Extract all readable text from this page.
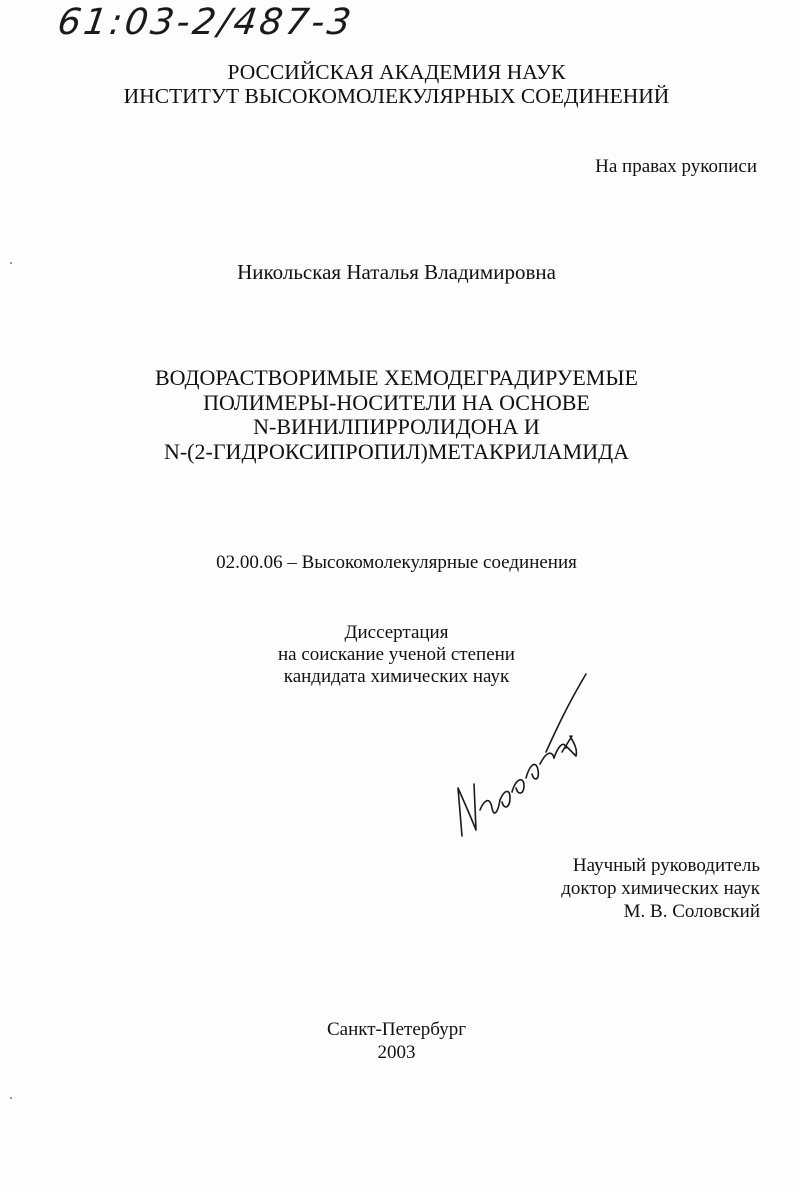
61:03-2/487-3
РОССИЙСКАЯ АКАДЕМИЯ НАУК
ИНСТИТУТ ВЫСОКОМОЛЕКУЛЯРНЫХ СОЕДИНЕНИЙ
На правах рукописи
Никольская Наталья Владимировна
ВОДОРАСТВОРИМЫЕ ХЕМОДЕГРАДИРУЕМЫЕ
ПОЛИМЕРЫ-НОСИТЕЛИ НА ОСНОВЕ
N-ВИНИЛПИРРОЛИДОНА И
N-(2-ГИДРОКСИПРОПИЛ)МЕТАКРИЛАМИДА
02.00.06 – Высокомолекулярные соединения
Диссертация
на соискание ученой степени
кандидата химических наук
Научный руководитель
доктор химических наук
М. В. Соловский
Санкт-Петербург
2003
